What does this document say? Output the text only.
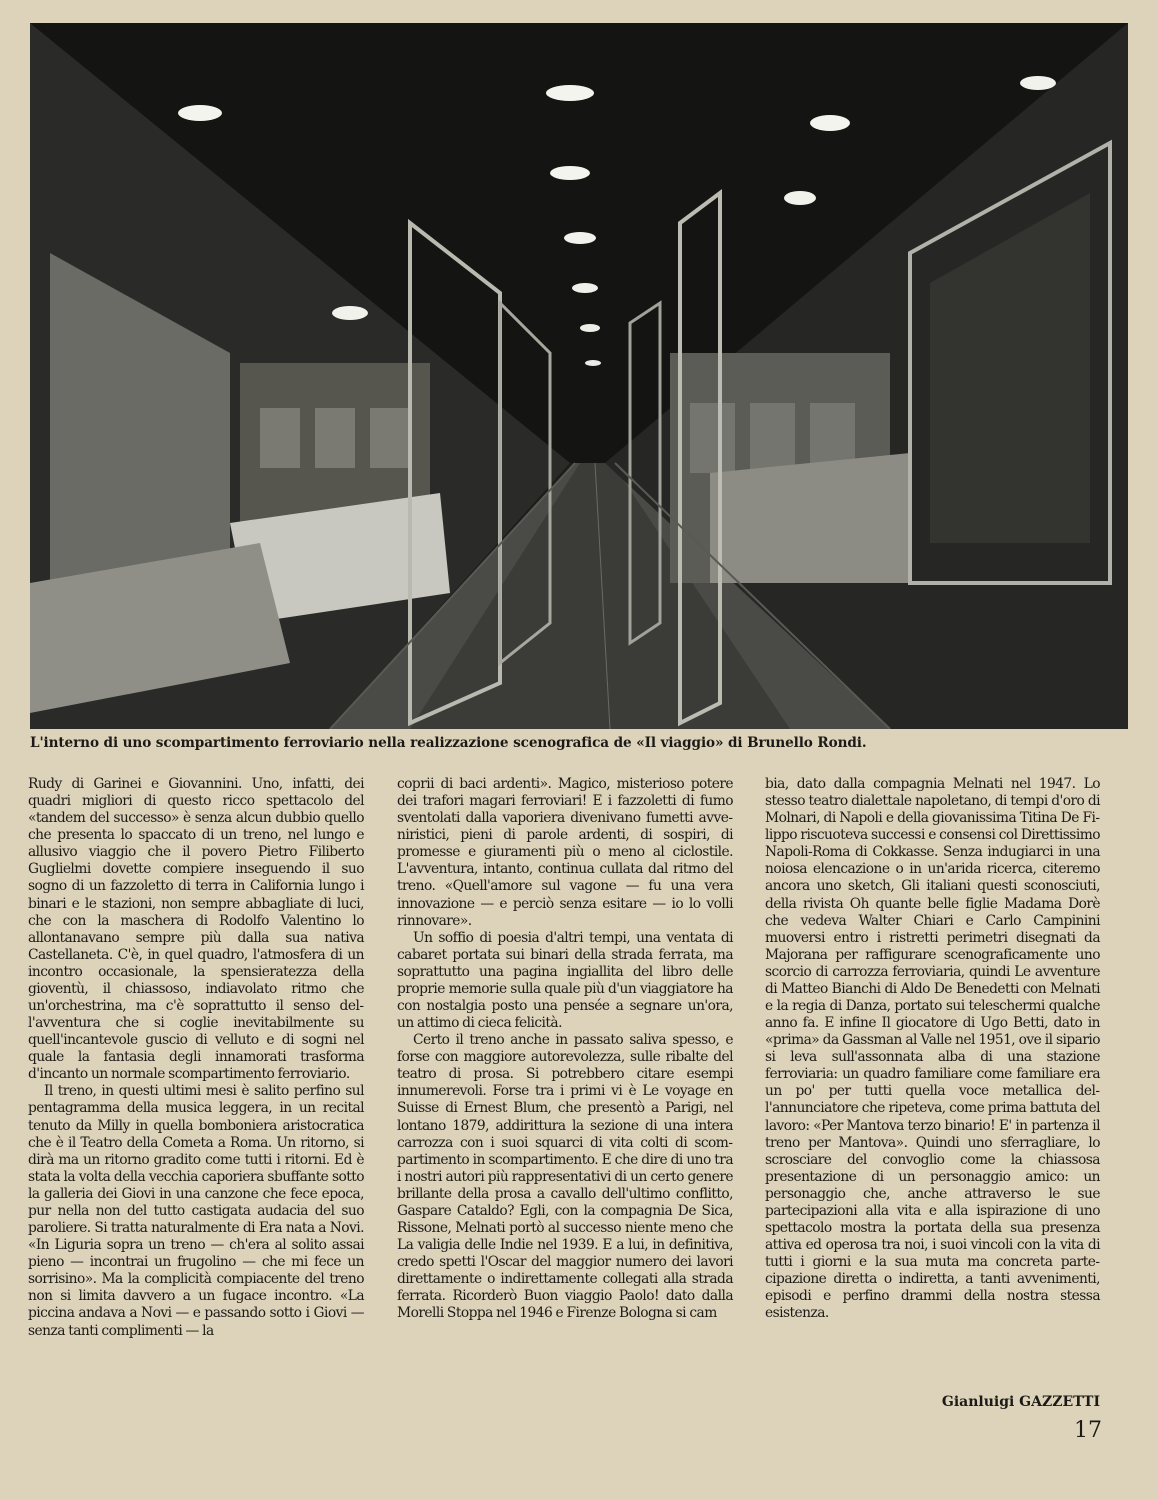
L'interno di uno scompartimento ferroviario nella realizzazione scenografica de «Il viaggio» di Brunello Rondi.

Rudy di Garinei e Giovannini. Uno, infatti, dei quadri migliori di questo ricco spettacolo del «tandem del successo» è senza alcun dubbio quello che presenta lo spaccato di un treno, nel lungo e allusivo viaggio che il povero Pietro Filiberto Guglielmi dovette compiere inseguendo il suo sogno di un fazzoletto di terra in California lungo i binari e le stazioni, non sempre abbagliate di luci, che con la maschera di Rodolfo Valentino lo allontanavano sempre più dalla sua nativa Castellaneta. C'è, in quel quadro, l'atmosfera di un incontro occasionale, la spensieratezza della gioventù, il chiassoso, indiavolato ritmo che un'orchestrina, ma c'è soprattutto il senso dell'avventura che si coglie inevitabilmente su quell'incantevole guscio di velluto e di sogni nel quale la fantasia degli innamorati trasforma d'incanto un normale scompartimento ferroviario.

Il treno, in questi ultimi mesi è salito perfino sul pentagramma della musica leggera, in un recital tenuto da Milly in quella bomboniera aristocratica che è il Teatro della Cometa a Roma. Un ritorno, si dirà ma un ritorno gradito come tutti i ritorni. Ed è stata la volta della vecchia caporiera sbuffante sotto la galleria dei Giovi in una canzone che fece epoca, pur nella non del tutto castigata audacia del suo paroliere. Si tratta naturalmente di Era nata a Novi. «In Liguria sopra un treno — ch'era al solito assai pieno — incontrai un frugolino — che mi fece un sorrisino». Ma la complicità compiacente del treno non si limita davvero a un fugace incontro. «La piccina andava a Novi — e passando sotto i Giovi — senza tanti complimenti — la

coprii di baci ardenti». Magico, misterioso potere dei trafori magari ferroviari! E i fazzoletti di fumo sventolati dalla vaporiera divenivano fumetti avveniristici, pieni di parole ardenti, di sospiri, di promesse e giuramenti più o meno al ciclostile. L'avventura, intanto, continua cullata dal ritmo del treno. «Quell'amore sul vagone — fu una vera innovazione — e perciò senza esitare — io lo volli rinnovare».

Un soffio di poesia d'altri tempi, una ventata di cabaret portata sui binari della strada ferrata, ma soprattutto una pagina ingiallita del libro delle proprie memorie sulla quale più d'un viaggiatore ha con nostalgia posto una pensée a segnare un'ora, un attimo di cieca felicità.

Certo il treno anche in passato saliva spesso, e forse con maggiore autorevolezza, sulle ribalte del teatro di prosa. Si potrebbero citare esempi innumerevoli. Forse tra i primi vi è Le voyage en Suisse di Ernest Blum, che presentò a Parigi, nel lontano 1879, addirittura la sezione di una intera carrozza con i suoi squarci di vita colti di scompartimento in scompartimento. E che dire di uno tra i nostri autori più rappresentativi di un certo genere brillante della prosa a cavallo dell'ultimo conflitto, Gaspare Cataldo? Egli, con la compagnia De Sica, Rissone, Melnati portò al successo niente meno che La valigia delle Indie nel 1939. E a lui, in definitiva, credo spetti l'Oscar del maggior numero dei lavori direttamente o indirettamente collegati alla strada ferrata. Ricorderò Buon viaggio Paolo! dato dalla Morelli Stoppa nel 1946 e Firenze Bologna si cam

bia, dato dalla compagnia Melnati nel 1947. Lo stesso teatro dialettale napoletano, di tempi d'oro di Molnari, di Napoli e della giovanissima Titina De Filippo riscuoteva successi e consensi col Direttissimo Napoli-Roma di Cokkasse. Senza indugiarci in una noiosa elencazione o in un'arida ricerca, citeremo ancora uno sketch, Gli italiani questi sconosciuti, della rivista Oh quante belle figlie Madama Dorè che vedeva Walter Chiari e Carlo Campinini muoversi entro i ristretti perimetri disegnati da Majorana per raffigurare scenograficamente uno scorcio di carrozza ferroviaria, quindi Le avventure di Matteo Bianchi di Aldo De Benedetti con Melnati e la regia di Danza, portato sui teleschermi qualche anno fa. E infine Il giocatore di Ugo Betti, dato in «prima» da Gassman al Valle nel 1951, ove il sipario si leva sull'assonnata alba di una stazione ferroviaria: un quadro familiare come familiare era un po' per tutti quella voce metallica dell'annunciatore che ripeteva, come prima battuta del lavoro: «Per Mantova terzo binario! E' in partenza il treno per Mantova». Quindi uno sferragliare, lo scrosciare del convoglio come la chiassosa presentazione di un personaggio amico: un personaggio che, anche attraverso le sue partecipazioni alla vita e alla ispirazione di uno spettacolo mostra la portata della sua presenza attiva ed operosa tra noi, i suoi vincoli con la vita di tutti i giorni e la sua muta ma concreta partecipazione diretta o indiretta, a tanti avvenimenti, episodi e perfino drammi della nostra stessa esistenza.

Gianluigi GAZZETTI

17
